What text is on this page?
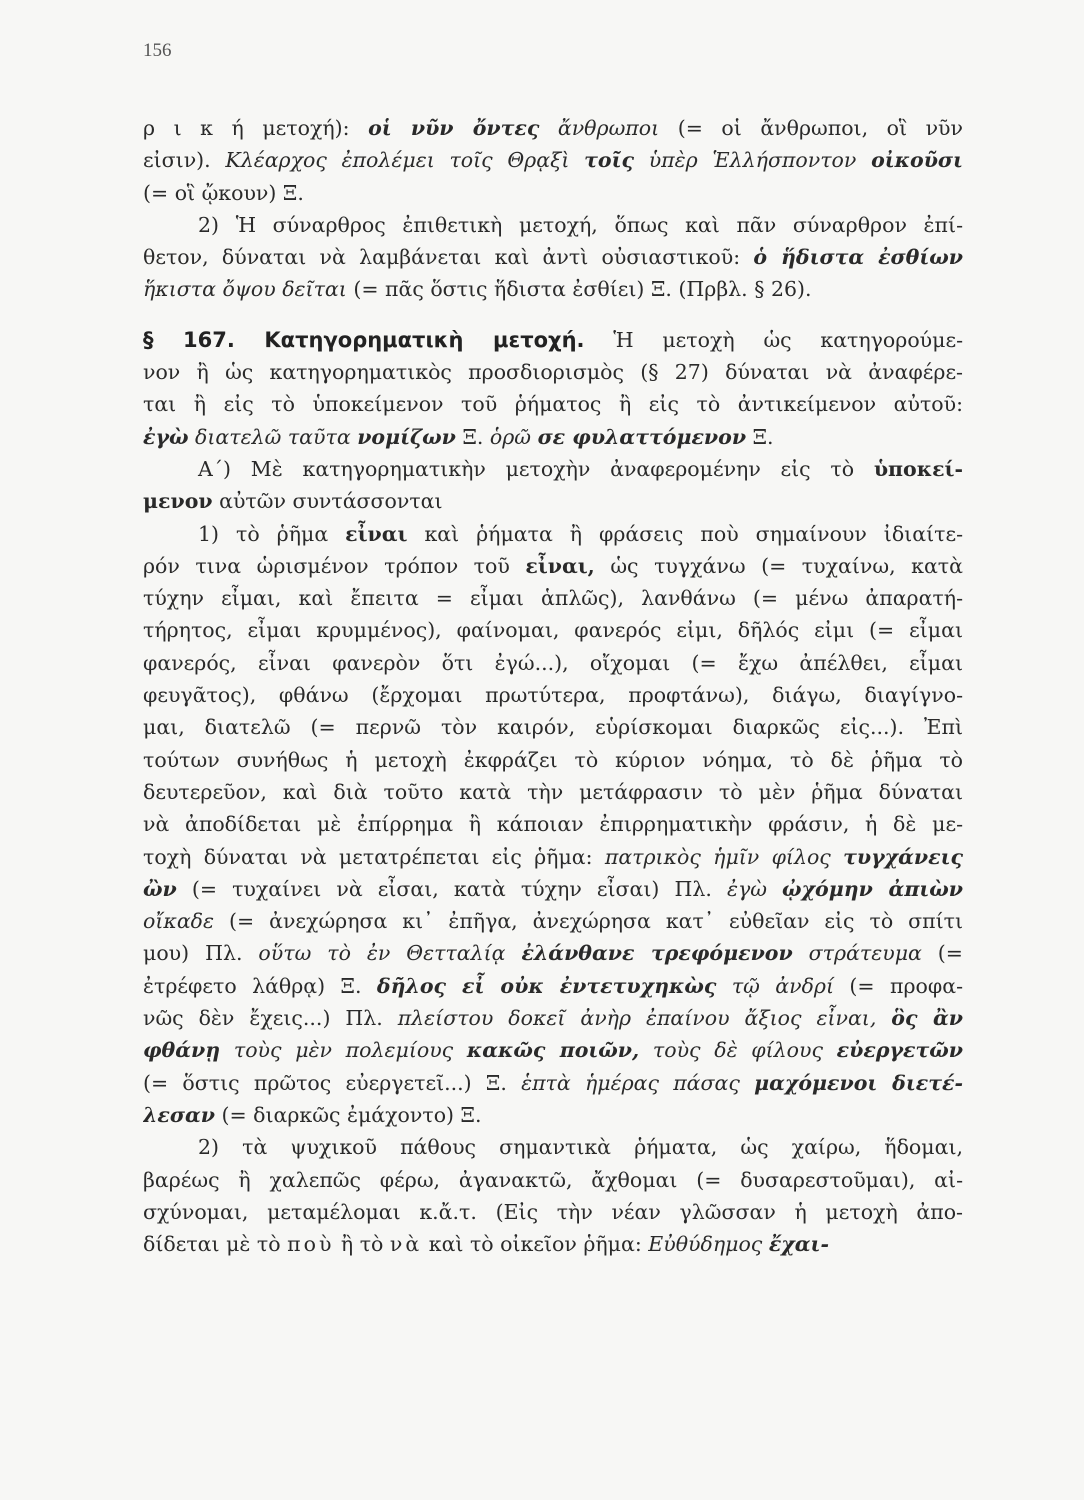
156
ρ ι κ ή μετοχή): οἱ νῦν ὄντες ἄνθρωποι (= οἱ ἄνθρωποι, οἳ νῦν
εἰσιν). Κλέαρχος ἐπολέμει τοῖς Θρᾳξὶ τοῖς ὑπὲρ Ἑλλήσποντον οἰκοῦσι
(= οἳ ᾤκουν) Ξ.
2) Ἡ σύναρθρος ἐπιθετικὴ μετοχή, ὅπως καὶ πᾶν σύναρθρον ἐπί-
θετον, δύναται νὰ λαμβάνεται καὶ ἀντὶ οὐσιαστικοῦ: ὁ ἥδιστα ἐσθίων
ἥκιστα ὄψου δεῖται (= πᾶς ὅστις ἥδιστα ἐσθίει) Ξ. (Πρβλ. § 26).
§ 167. Κατηγορηματικὴ μετοχή. Ἡ μετοχὴ ὡς κατηγορούμε-
νον ἢ ὡς κατηγορηματικὸς προσδιορισμὸς (§ 27) δύναται νὰ ἀναφέρε-
ται ἢ εἰς τὸ ὑποκείμενον τοῦ ῥήματος ἢ εἰς τὸ ἀντικείμενον αὐτοῦ:
ἐγὼ διατελῶ ταῦτα νομίζων Ξ. ὁρῶ σε φυλαττόμενον Ξ.
Α΄) Μὲ κατηγορηματικὴν μετοχὴν ἀναφερομένην εἰς τὸ ὑποκεί-
μενον αὐτῶν συντάσσονται
1) τὸ ῥῆμα εἶναι καὶ ῥήματα ἢ φράσεις ποὺ σημαίνουν ἰδιαίτε-
ρόν τινα ὡρισμένον τρόπον τοῦ εἶναι, ὡς τυγχάνω (= τυχαίνω, κατὰ
τύχην εἶμαι, καὶ ἔπειτα = εἶμαι ἁπλῶς), λανθάνω (= μένω ἀπαρατή-
τήρητος, εἶμαι κρυμμένος), φαίνομαι, φανερός εἰμι, δῆλός εἰμι (= εἶμαι
φανερός, εἶναι φανερὸν ὅτι ἐγώ...), οἴχομαι (= ἔχω ἀπέλθει, εἶμαι
φευγᾶτος), φθάνω (ἔρχομαι πρωτύτερα, προφτάνω), διάγω, διαγίγνο-
μαι, διατελῶ (= περνῶ τὸν καιρόν, εὑρίσκομαι διαρκῶς εἰς...). Ἐπὶ
τούτων συνήθως ἡ μετοχὴ ἐκφράζει τὸ κύριον νόημα, τὸ δὲ ῥῆμα τὸ
δευτερεῦον, καὶ διὰ τοῦτο κατὰ τὴν μετάφρασιν τὸ μὲν ῥῆμα δύναται
νὰ ἀποδίδεται μὲ ἐπίρρημα ἢ κάποιαν ἐπιρρηματικὴν φράσιν, ἡ δὲ με-
τοχὴ δύναται νὰ μετατρέπεται εἰς ῥῆμα: πατρικὸς ἡμῖν φίλος τυγχάνεις
ὢν (= τυχαίνει νὰ εἶσαι, κατὰ τύχην εἶσαι) Πλ. ἐγὼ ᾠχόμην ἀπιὼν
οἴκαδε (= ἀνεχώρησα κι᾽ ἐπῆγα, ἀνεχώρησα κατ᾽ εὐθεῖαν εἰς τὸ σπίτι
μου) Πλ. οὕτω τὸ ἐν Θετταλίᾳ ἐλάνθανε τρεφόμενον στράτευμα (=
ἐτρέφετο λάθρᾳ) Ξ. δῆλος εἶ οὐκ ἐντετυχηκὼς τῷ ἀνδρί (= προφα-
νῶς δὲν ἔχεις...) Πλ. πλείστου δοκεῖ ἀνὴρ ἐπαίνου ἄξιος εἶναι, ὃς ἂν
φθάνῃ τοὺς μὲν πολεμίους κακῶς ποιῶν, τοὺς δὲ φίλους εὐεργετῶν
(= ὅστις πρῶτος εὐεργετεῖ...) Ξ. ἑπτὰ ἡμέρας πάσας μαχόμενοι διετέ-
λεσαν (= διαρκῶς ἐμάχοντο) Ξ.
2) τὰ ψυχικοῦ πάθους σημαντικὰ ῥήματα, ὡς χαίρω, ἥδομαι,
βαρέως ἢ χαλεπῶς φέρω, ἀγανακτῶ, ἄχθομαι (= δυσαρεστοῦμαι), αἰ-
σχύνομαι, μεταμέλομαι κ.ἄ.τ. (Εἰς τὴν νέαν γλῶσσαν ἡ μετοχὴ ἀπο-
δίδεται μὲ τὸ ποὺ ἢ τὸ νὰ καὶ τὸ οἰκεῖον ῥῆμα: Εὐθύδημος ἔχαι-
